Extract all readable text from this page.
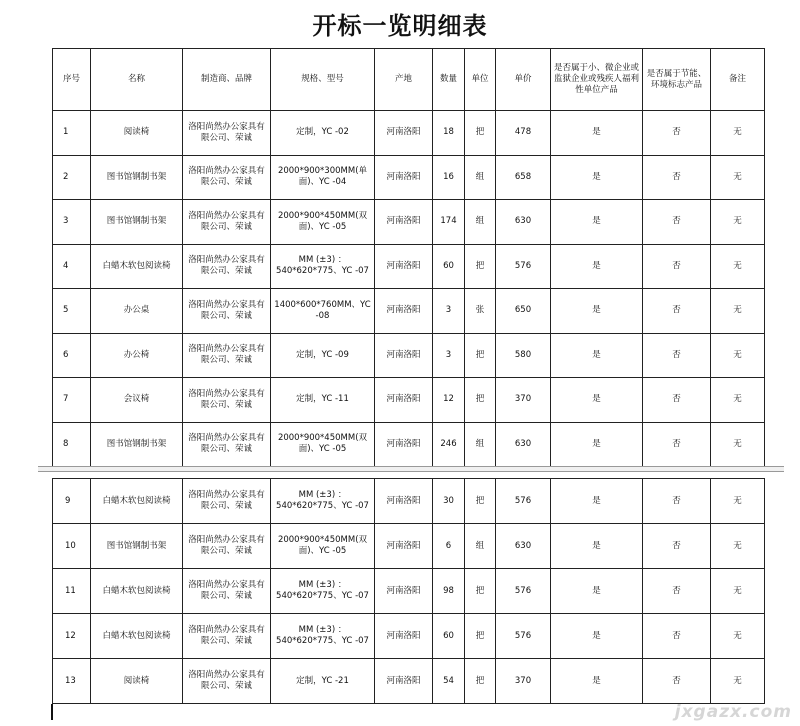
开标一览明细表
序号	名称	制造商、品牌	规格、型号	产地	数量	单位	单价	是否属于小、微企业或监狱企业或残疾人福利性单位产品	是否属于节能、环境标志产品	备注
1	阅读椅	洛阳尚然办公家具有限公司、荣诚	定制，YC -02	河南洛阳	18	把	478	是	否	无
2	图书馆钢制书架	洛阳尚然办公家具有限公司、荣诚	2000*900*300MM(单面)、YC -04	河南洛阳	16	组	658	是	否	无
3	图书馆钢制书架	洛阳尚然办公家具有限公司、荣诚	2000*900*450MM(双面)、YC -05	河南洛阳	174	组	630	是	否	无
4	白蜡木软包阅读椅	洛阳尚然办公家具有限公司、荣诚	MM (±3) ：540*620*775、YC -07	河南洛阳	60	把	576	是	否	无
5	办公桌	洛阳尚然办公家具有限公司、荣诚	1400*600*760MM、YC -08	河南洛阳	3	张	650	是	否	无
6	办公椅	洛阳尚然办公家具有限公司、荣诚	定制，YC -09	河南洛阳	3	把	580	是	否	无
7	会议椅	洛阳尚然办公家具有限公司、荣诚	定制，YC -11	河南洛阳	12	把	370	是	否	无
8	图书馆钢制书架	洛阳尚然办公家具有限公司、荣诚	2000*900*450MM(双面)、YC -05	河南洛阳	246	组	630	是	否	无
9	白蜡木软包阅读椅	洛阳尚然办公家具有限公司、荣诚	MM (±3) ：540*620*775、YC -07	河南洛阳	30	把	576	是	否	无
10	图书馆钢制书架	洛阳尚然办公家具有限公司、荣诚	2000*900*450MM(双面)、YC -05	河南洛阳	6	组	630	是	否	无
11	白蜡木软包阅读椅	洛阳尚然办公家具有限公司、荣诚	MM (±3) ：540*620*775、YC -07	河南洛阳	98	把	576	是	否	无
12	白蜡木软包阅读椅	洛阳尚然办公家具有限公司、荣诚	MM (±3) ：540*620*775、YC -07	河南洛阳	60	把	576	是	否	无
13	阅读椅	洛阳尚然办公家具有限公司、荣诚	定制，YC -21	河南洛阳	54	把	370	是	否	无
jxgazx.com
